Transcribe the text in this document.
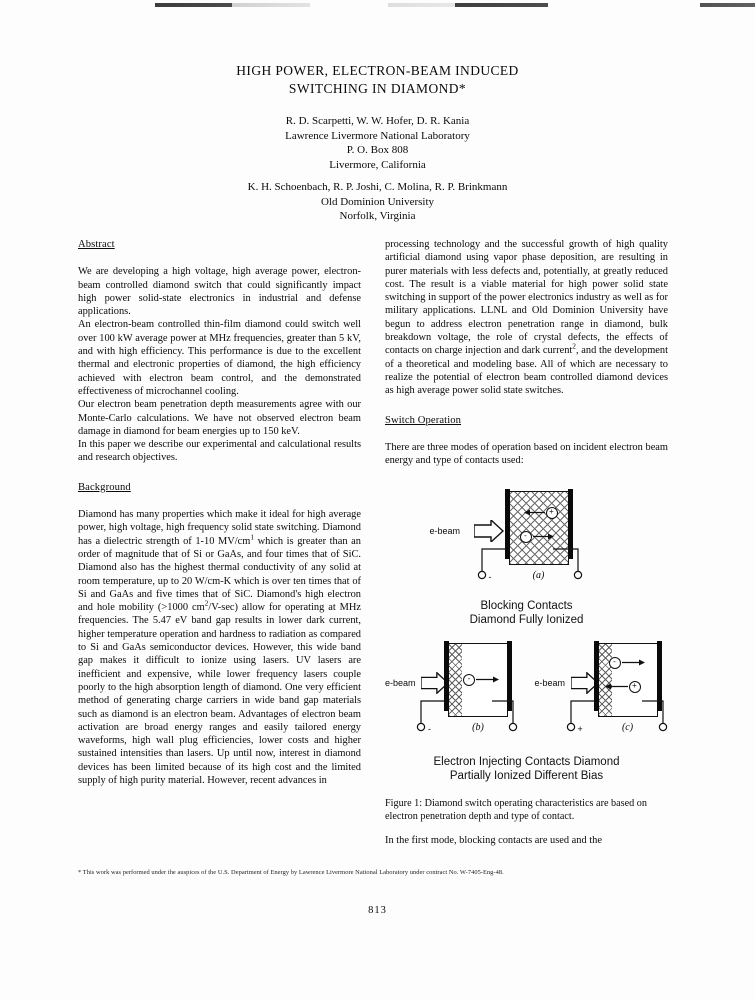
HIGH POWER, ELECTRON-BEAM INDUCED
SWITCHING IN DIAMOND*
R. D. Scarpetti, W. W. Hofer, D. R. Kania
Lawrence Livermore National Laboratory
P. O. Box 808
Livermore, California
K. H. Schoenbach, R. P. Joshi, C. Molina, R. P. Brinkmann
Old Dominion University
Norfolk, Virginia
Abstract

We are developing a high voltage, high average power, electron-beam controlled diamond switch that could significantly impact high power solid-state electronics in industrial and defense applications.

An electron-beam controlled thin-film diamond could switch well over 100 kW average power at MHz frequencies, greater than 5 kV, and with high efficiency. This performance is due to the excellent thermal and electronic properties of diamond, the high efficiency achieved with electron beam control, and the demonstrated effectiveness of microchannel cooling.

Our electron beam penetration depth measurements agree with our Monte-Carlo calculations. We have not observed electron beam damage in diamond for beam energies up to 150 keV.

In this paper we describe our experimental and calculational results and research objectives.

Background

Diamond has many properties which make it ideal for high average power, high voltage, high frequency solid state switching. Diamond has a dielectric strength of 1-10 $MV/cm^1$ which is greater than an order of magnitude that of Si or GaAs, and four times that of SiC. Diamond also has the highest thermal conductivity of any solid at room temperature, up to 20 W/cm-K which is over ten times that of Si and GaAs and five times that of SiC. Diamond's high electron and hole mobility (>1000 $cm^2/V-\sec$) allow for operating at MHz frequencies. The 5.47 eV band gap results in lower dark current, higher temperature operation and hardness to radiation as compared to Si and GaAs semiconductor devices. However, this wide band gap makes it difficult to ionize using lasers. UV lasers are inefficient and expensive, while lower frequency lasers couple poorly to the high absorption length of diamond. One very efficient method of generating charge carriers in wide band gap materials such as diamond is an electron beam. Advantages of electron beam activation are broad energy ranges and easily tailored energy waveforms, high wall plug efficiencies, lower costs and higher sustained intensities than lasers. Up until now, interest in diamond devices has been limited because of its high cost and the limited supply of high purity material. However, recent advances in

processing technology and the successful growth of high quality artificial diamond using vapor phase deposition, are resulting in purer materials with less defects and, potentially, at greatly reduced cost. The result is a viable material for high power solid state switching in support of the power electronics industry as well as for military applications. LLNL and Old Dominion University have begun to address electron penetration range in diamond, bulk breakdown voltage, the role of crystal defects, the effects of contacts on charge injection and dark current$^2$, and the development of a theoretical and modeling base. All of which are necessary to realize the potential of electron beam controlled diamond devices as high average power solid state switches.

Switch Operation

There are three modes of operation based on incident electron beam energy and type of contacts used:

e-beam
+
-
-	(a)
Blocking Contacts
Diamond Fully Ionized
e-beam	-
-	(b)
e-beam
-
+
+	(c)
Electron Injecting Contacts Diamond
Partially Ionized Different Bias
Figure 1: Diamond switch operating characteristics are based on electron penetration depth and type of contact.

In the first mode, blocking contacts are used and the

* This work was performed under the auspices of the U.S. Department of Energy by Lawrence Livermore National Laboratory under contract No. W-7405-Eng-48.
813
